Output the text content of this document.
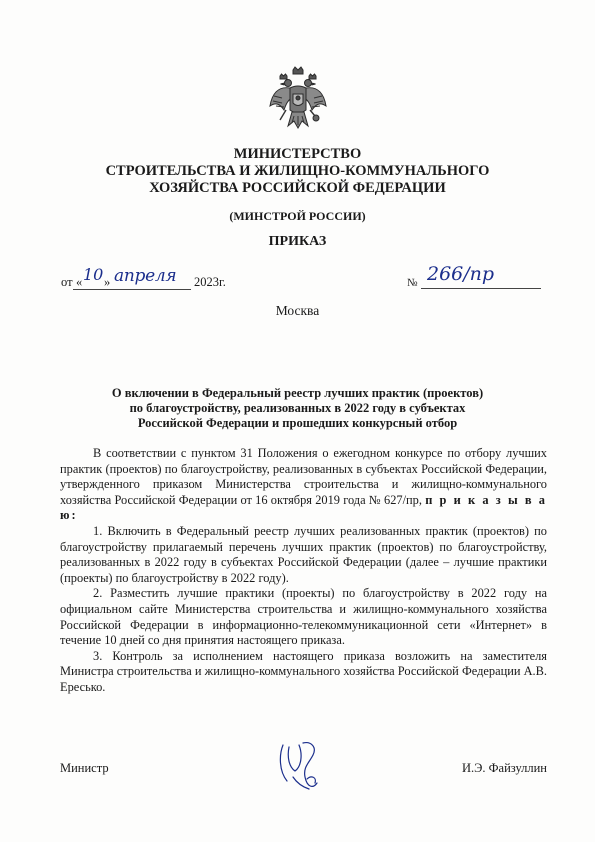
МИНИСТЕРСТВО
СТРОИТЕЛЬСТВА И ЖИЛИЩНО-КОММУНАЛЬНОГО
ХОЗЯЙСТВА РОССИЙСКОЙ ФЕДЕРАЦИИ
(МИНСТРОЙ РОССИИ)
ПРИКАЗ
от « 10 » апреля 2023г.	№ 266/пр
Москва
О включении в Федеральный реестр лучших практик (проектов)
по благоустройству, реализованных в 2022 году в субъектах
Российской Федерации и прошедших конкурсный отбор

В соответствии с пунктом 31 Положения о ежегодном конкурсе по отбору лучших практик (проектов) по благоустройству, реализованных в субъектах Российской Федерации, утвержденного приказом Министерства строительства и жилищно-коммунального хозяйства Российской Федерации от 16 октября 2019 года № 627/пр, п р и к а з ы в а ю:

1. Включить в Федеральный реестр лучших реализованных практик (проектов) по благоустройству прилагаемый перечень лучших практик (проектов) по благоустройству, реализованных в 2022 году в субъектах Российской Федерации (далее – лучшие практики (проекты) по благоустройству в 2022 году).

2. Разместить лучшие практики (проекты) по благоустройству в 2022 году на официальном сайте Министерства строительства и жилищно-коммунального хозяйства Российской Федерации в информационно-телекоммуникационной сети «Интернет» в течение 10 дней со дня принятия настоящего приказа.

3. Контроль за исполнением настоящего приказа возложить на заместителя Министра строительства и жилищно-коммунального хозяйства Российской Федерации А.В. Ересько.

Министр	И.Э. Файзуллин
